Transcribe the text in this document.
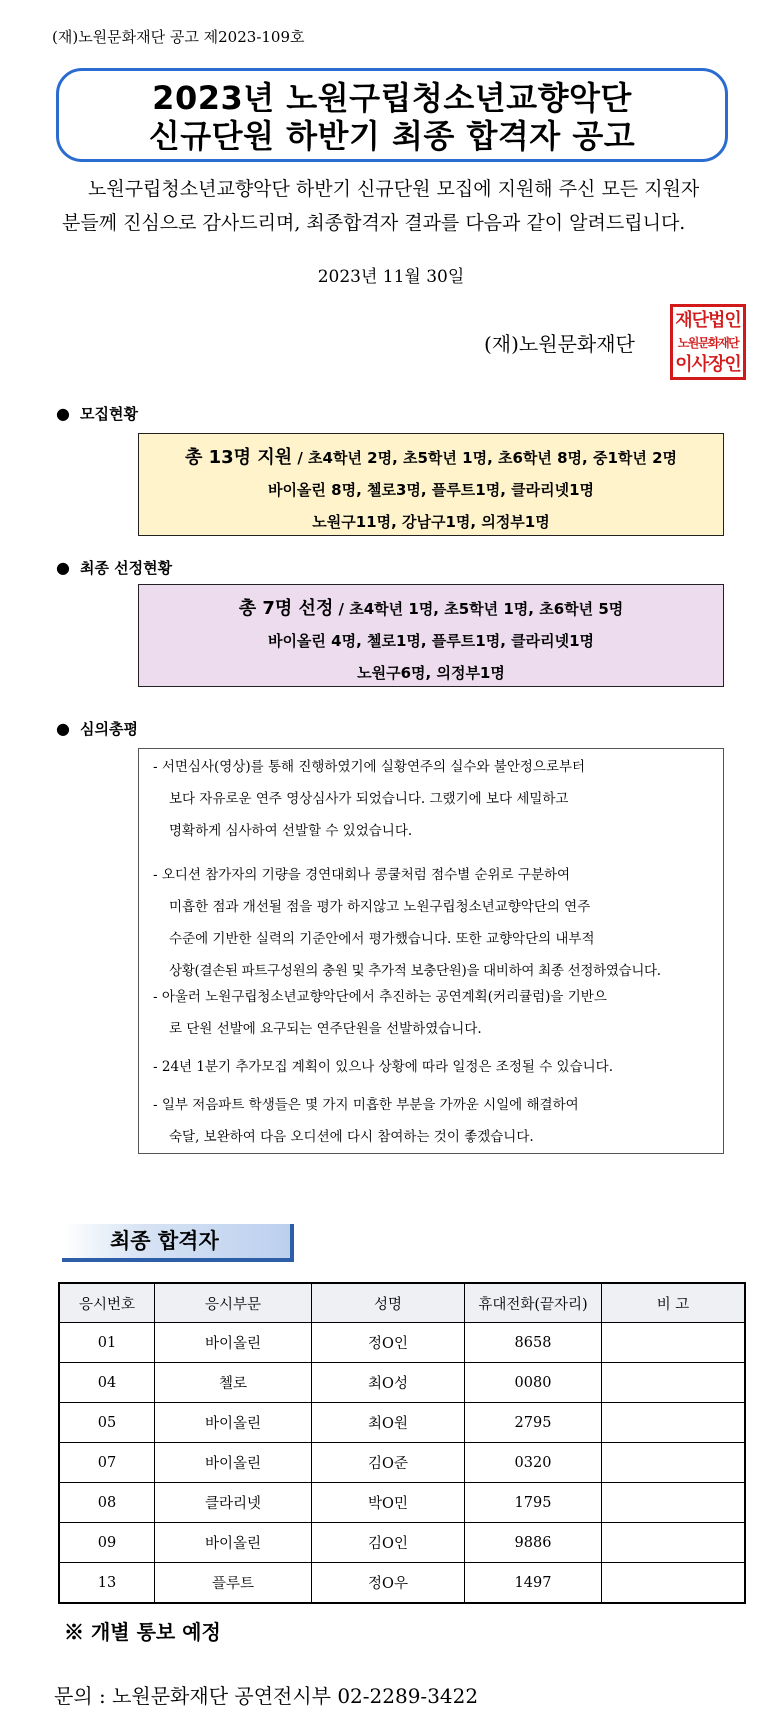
(재)노원문화재단 공고 제2023-109호
2023년 노원구립청소년교향악단
신규단원 하반기 최종 합격자 공고
노원구립청소년교향악단 하반기 신규단원 모집에 지원해 주신 모든 지원자
분들께 진심으로 감사드리며, 최종합격자 결과를 다음과 같이 알려드립니다.
2023년 11월 30일
(재)노원문화재단
재단법인
노원문화재단
이사장인
● 모집현황
총 13명 지원 / 초4학년 2명, 초5학년 1명, 초6학년 8명, 중1학년 2명
바이올린 8명, 첼로3명, 플루트1명, 클라리넷1명
노원구11명, 강남구1명, 의정부1명
● 최종 선정현황
총 7명 선정 / 초4학년 1명, 초5학년 1명, 초6학년 5명
바이올린 4명, 첼로1명, 플루트1명, 클라리넷1명
노원구6명, 의정부1명
● 심의총평

- 서면심사(영상)를 통해 진행하였기에 실황연주의 실수와 불안정으로부터
보다 자유로운 연주 영상심사가 되었습니다. 그랬기에 보다 세밀하고
명확하게 심사하여 선발할 수 있었습니다.

- 오디션 참가자의 기량을 경연대회나 콩쿨처럼 점수별 순위로 구분하여
미흡한 점과 개선될 점을 평가 하지않고 노원구립청소년교향악단의 연주
수준에 기반한 실력의 기준안에서 평가했습니다. 또한 교향악단의 내부적
상황(결손된 파트구성원의 충원 및 추가적 보충단원)을 대비하여 최종 선정하였습니다.

- 아울러 노원구립청소년교향악단에서 추진하는 공연계획(커리큘럼)을 기반으
로 단원 선발에 요구되는 연주단원을 선발하였습니다.

- 24년 1분기 추가모집 계획이 있으나 상황에 따라 일정은 조정될 수 있습니다.

- 일부 저음파트 학생들은 몇 가지 미흡한 부분을 가까운 시일에 해결하여
숙달, 보완하여 다음 오디션에 다시 참여하는 것이 좋겠습니다.

최종 합격자
응시번호	응시부문	성명	휴대전화(끝자리)	비 고
01	바이올린	정O인	8658	
04	첼로	최O성	0080	
05	바이올린	최O원	2795	
07	바이올린	김O준	0320	
08	클라리넷	박O민	1795	
09	바이올린	김O인	9886	
13	플루트	정O우	1497	
※ 개별 통보 예정
문의 : 노원문화재단 공연전시부 02-2289-3422
